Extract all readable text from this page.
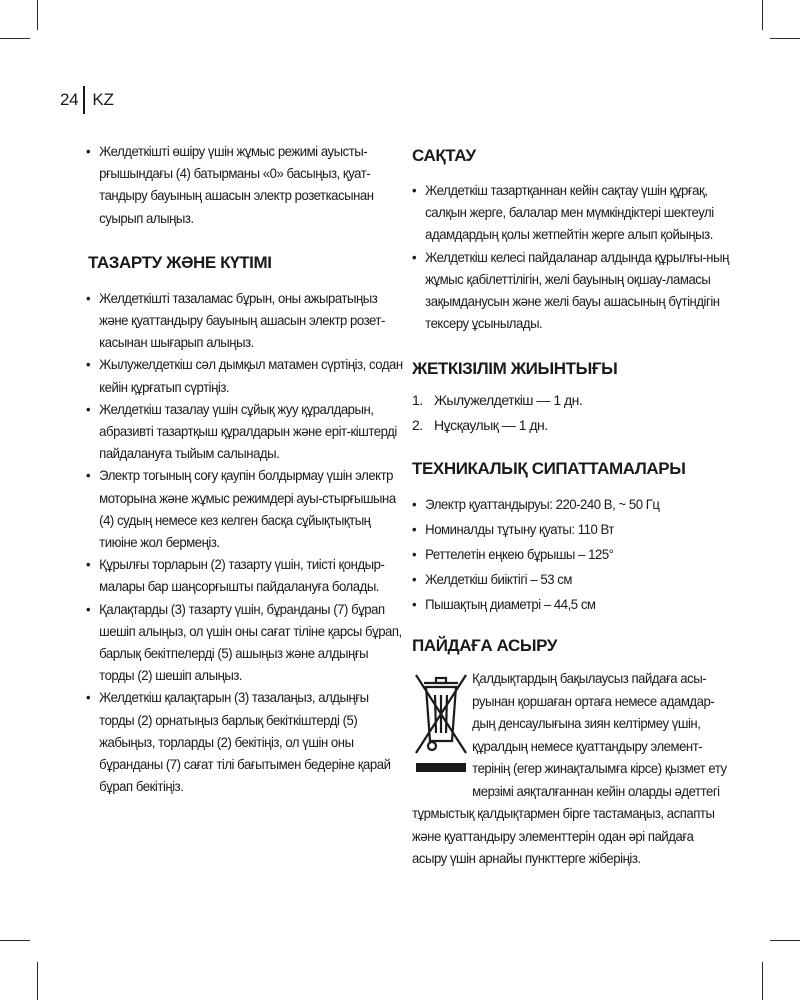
24 KZ
• Желдеткішті өшіру үшін жұмыс режимі ауысты-рғышындағы (4) батырманы «0» басыңыз, қуат-тандыру бауының ашасын электр розеткасынан суырып алыңыз.
ТАЗАРТУ ЖӘНЕ КҮТІМІ
• Желдеткішті тазаламас бұрын, оны ажыратыңыз және қуаттандыру бауының ашасын электр розет-касынан шығарып алыңыз.
• Жылужелдеткіш сәл дымқыл матамен сүртіңіз, содан кейін құрғатып сүртіңіз.
• Желдеткіш тазалау үшін сұйық жуу құралдарын, абразивті тазартқыш құралдарын және еріт-кіштерді пайдалануға тыйым салынады.
• Электр тогының соғу қаупін болдырмау үшін электр моторына және жұмыс режимдері ауы-стырғышына (4) судың немесе кез келген басқа сұйықтықтың тиюіне жол бермеңіз.
• Құрылғы торларын (2) тазарту үшін, тиісті қондыр-малары бар шаңсорғышты пайдалануға болады.
• Қалақтарды (3) тазарту үшін, бұранданы (7) бұрап шешіп алыңыз, ол үшін оны сағат тіліне қарсы бұрап, барлық бекітпелерді (5) ашыңыз және алдыңғы торды (2) шешіп алыңыз.
• Желдеткіш қалақтарын (3) тазалаңыз, алдыңғы торды (2) орнатыңыз барлық бекіткіштерді (5) жабыңыз, торларды (2) бекітіңіз, ол үшін оны бұранданы (7) сағат тілі бағытымен бедеріне қарай бұрап бекітіңіз.
САҚТАУ
• Желдеткіш тазартқаннан кейін сақтау үшін құрғақ, салқын жерге, балалар мен мүмкіндіктері шектеулі адамдардың қолы жетпейтін жерге алып қойыңыз.
• Желдеткіш келесі пайдаланар алдында құрылғы-ның жұмыс қабілеттілігін, желі бауының оқшау-ламасы зақымданусын және желі бауы ашасының бүтіндігін тексеру ұсынылады.
ЖЕТКІЗІЛІМ ЖИЫНТЫҒЫ
1. Жылужелдеткіш — 1 дн.
2. Нұсқаулық — 1 дн.
ТЕХНИКАЛЫҚ СИПАТТАМАЛАРЫ
• Электр қуаттандыруы: 220-240 В, ~ 50 Гц
• Номиналды тұтыну қуаты: 110 Вт
• Реттелетін еңкею бұрышы – 125°
• Желдеткіш биіктігі – 53 см
• Пышақтың диаметрі – 44,5 см
ПАЙДАҒА АСЫРУ
Қалдықтардың бақылаусыз пайдаға асы-руынан қоршаған ортаға немесе адамдар-дың денсаулығына зиян келтірмеу үшін, құралдың немесе қуаттандыру элемент-терінің (егер жинақталымға кірсе) қызмет ету мерзімі аяқталғаннан кейін оларды әдеттегі тұрмыстық қалдықтармен бірге тастамаңыз, аспапты және қуаттандыру элементтерін одан әрі пайдаға асыру үшін арнайы пункттерге жіберіңіз.
